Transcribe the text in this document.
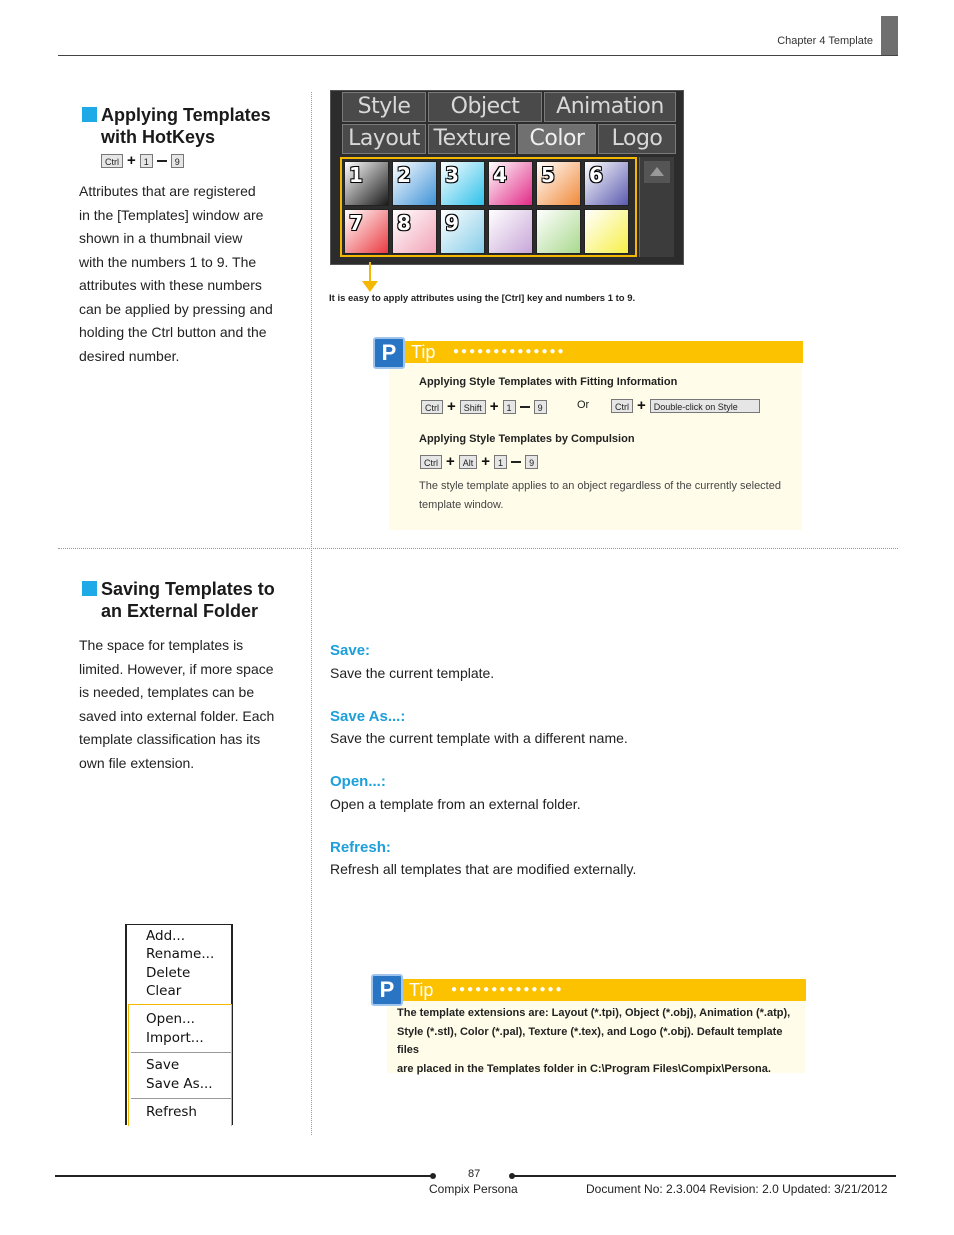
Chapter 4 Template
Applying Templates
with HotKeys
Ctrl + 1	9
Attributes that are registered
in the [Templates] window are
shown in a thumbnail view
with the numbers 1 to 9. The
attributes with these numbers
can be applied by pressing and
holding the Ctrl button and the
desired number.
Style	Object	Animation
Layout Texture Color	Logo
1 2 3 4 5 6
7 8 9
It is easy to apply attributes using the [Ctrl] key and numbers 1 to 9.
Tip ●●●●●●●●●●●●●●
P
Applying Style Templates with Fitting Information
Ctrl + Shift + 1	9	Or	Ctrl + Double-click on Style
Applying Style Templates by Compulsion
Ctrl + Alt + 1	9
The style template applies to an object regardless of the currently selected
template window.
Saving Templates to
an External Folder
The space for templates is
limited. However, if more space
is needed, templates can be
saved into external folder. Each
template classification has its
own file extension.
Save:
Save the current template.
Save As...:
Save the current template with a different name.
Open...:
Open a template from an external folder.
Refresh:
Refresh all templates that are modified externally.
Add...
Rename...
Delete
Clear
Open...
Import...
Save
Save As...
Refresh
Tip ●●●●●●●●●●●●●●
P
The template extensions are: Layout (*.tpi), Object (*.obj), Animation (*.atp),
Style (*.stl), Color (*.pal), Texture (*.tex), and Logo (*.obj). Default template files
are placed in the Templates folder in C:\Program Files\Compix\Persona.
87
Compix Persona	Document No: 2.3.004 Revision: 2.0 Updated: 3/21/2012
